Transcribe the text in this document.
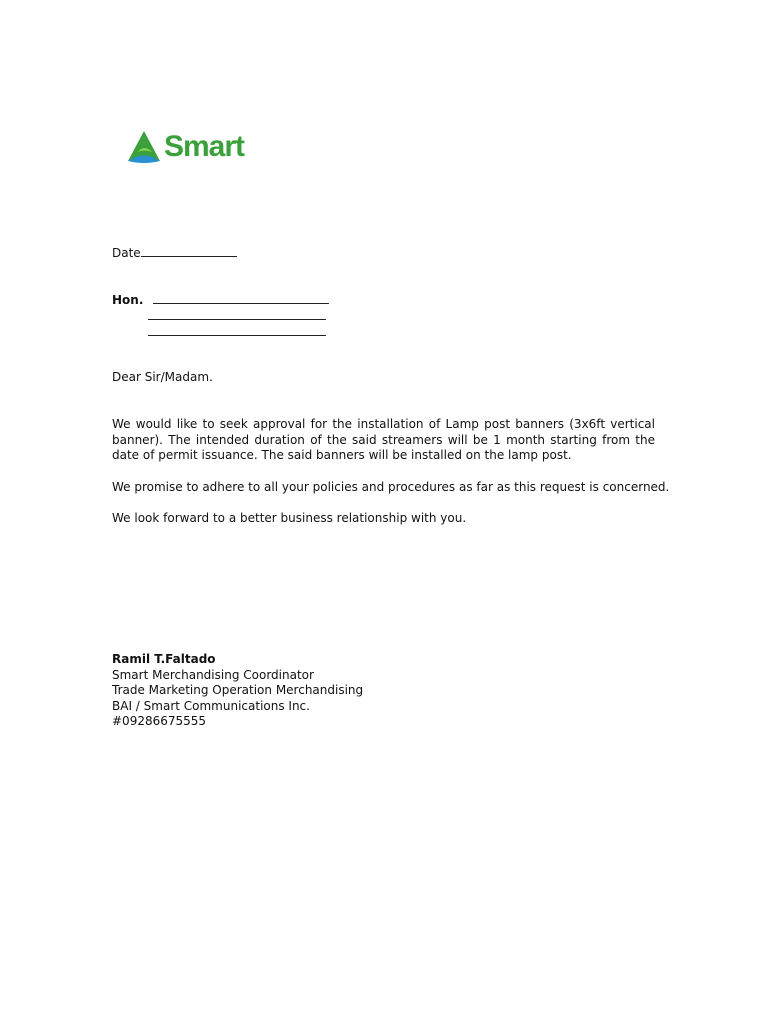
Smart
Date
Hon.
Dear Sir/Madam.
We would like to seek approval for the installation of Lamp post banners (3x6ft vertical banner). The intended duration of the said streamers will be 1 month starting from the date of permit issuance. The said banners will be installed on the lamp post.
We promise to adhere to all your policies and procedures as far as this request is concerned.
We look forward to a better business relationship with you.
Ramil T.Faltado
Smart Merchandising Coordinator
Trade Marketing Operation Merchandising
BAI / Smart Communications Inc.
#09286675555
